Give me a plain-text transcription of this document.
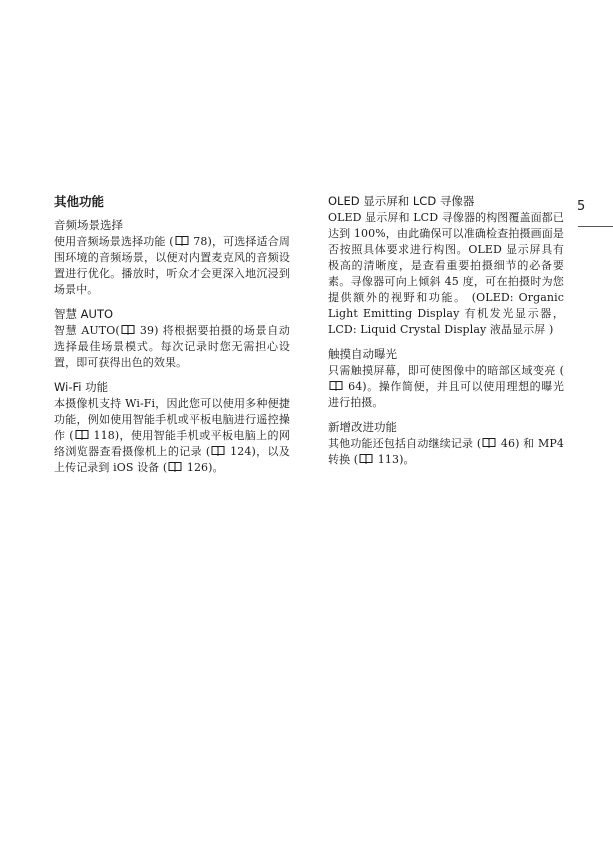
5
其他功能
音频场景选择
使用音频场景选择功能 ( 78)，可选择适合周围环境的音频场景，以便对内置麦克风的音频设置进行优化。播放时，听众才会更深入地沉浸到场景中。
智慧 AUTO
智慧 AUTO( 39) 将根据要拍摄的场景自动选择最佳场景模式。每次记录时您无需担心设置，即可获得出色的效果。
Wi-Fi 功能
本摄像机支持 Wi-Fi，因此您可以使用多种便捷功能，例如使用智能手机或平板电脑进行遥控操作 ( 118)，使用智能手机或平板电脑上的网络浏览器查看摄像机上的记录 ( 124)，以及上传记录到 iOS 设备 ( 126)。
OLED 显示屏和 LCD 寻像器
OLED 显示屏和 LCD 寻像器的构图覆盖面都已达到 100%，由此确保可以准确检查拍摄画面是否按照具体要求进行构图。OLED 显示屏具有极高的清晰度，是查看重要拍摄细节的必备要素。寻像器可向上倾斜 45 度，可在拍摄时为您提供额外的视野和功能。 (OLED: Organic Light Emitting Display 有机发光显示器，LCD: Liquid Crystal Display 液晶显示屏 )
触摸自动曝光
只需触摸屏幕，即可使图像中的暗部区域变亮 ( 64)。操作简便，并且可以使用理想的曝光进行拍摄。
新增改进功能
其他功能还包括自动继续记录 ( 46) 和 MP4 转换 ( 113)。
